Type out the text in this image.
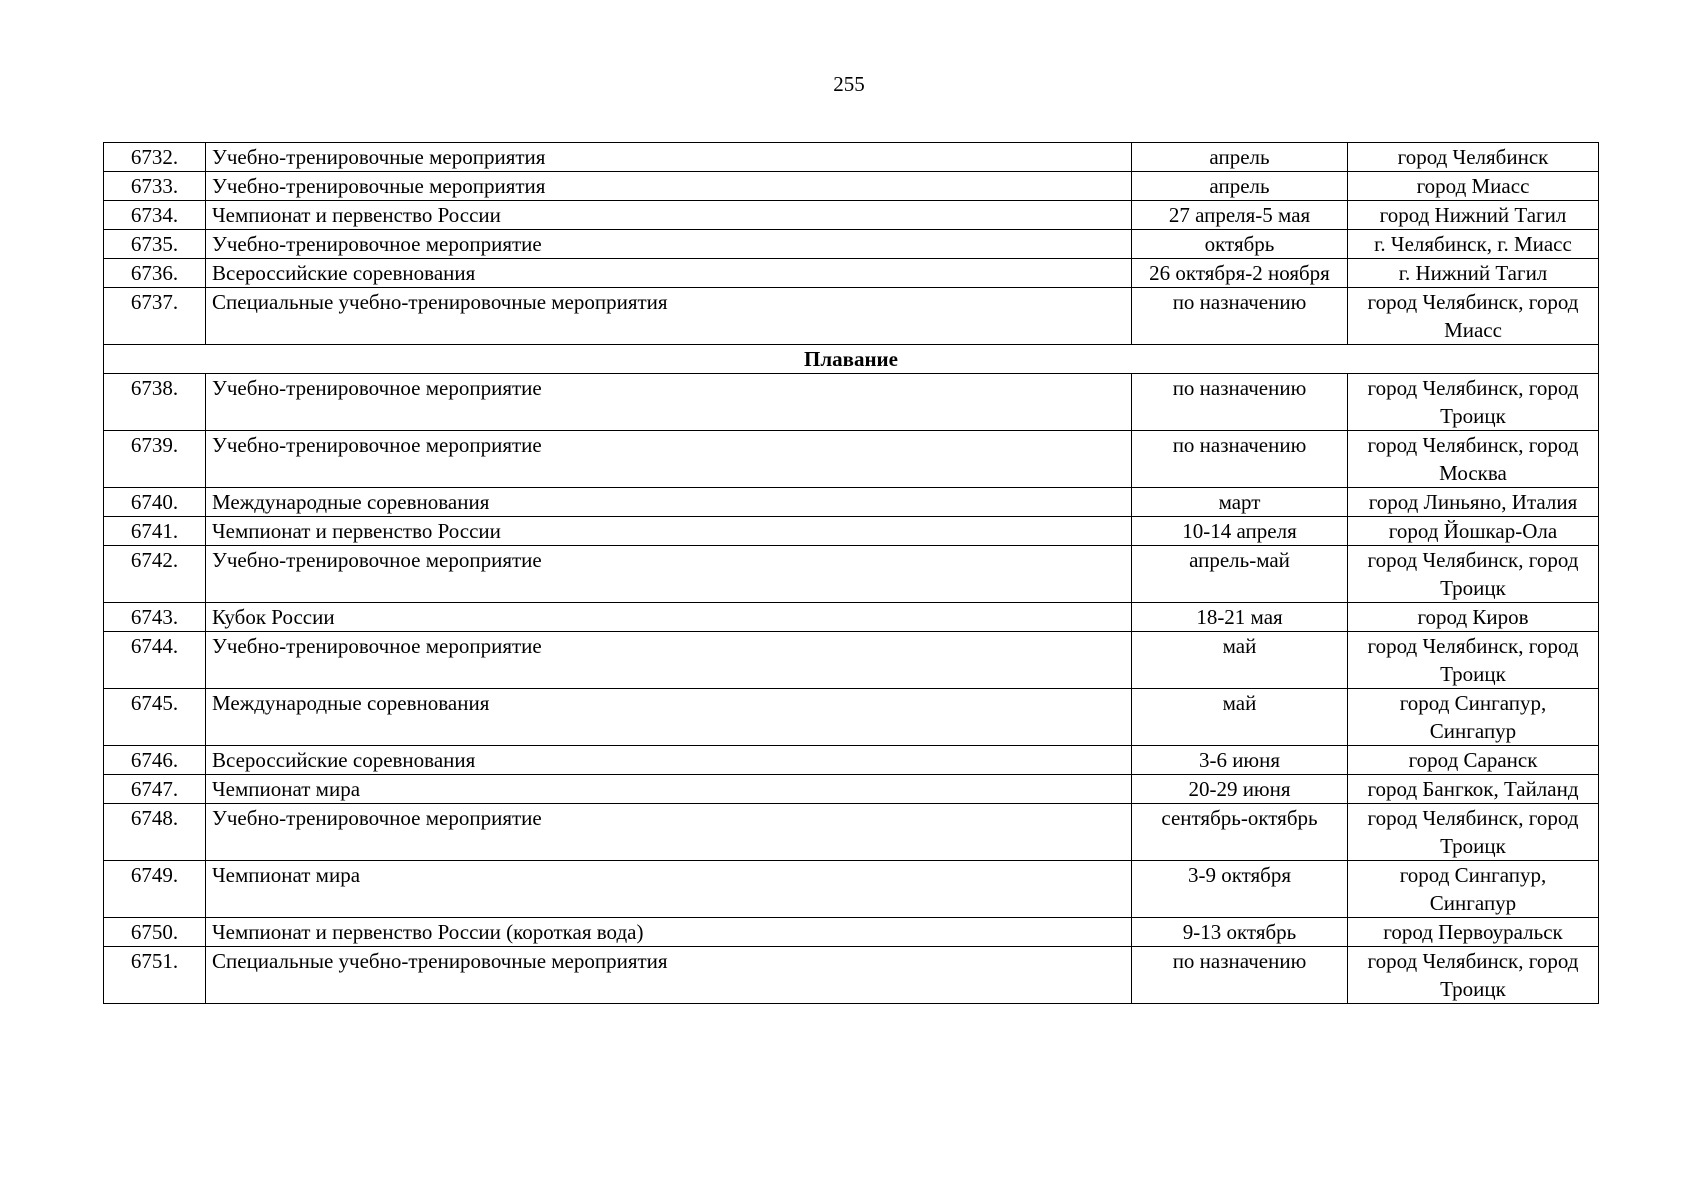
255
6732.	Учебно-тренировочные мероприятия	апрель	город Челябинск
6733.	Учебно-тренировочные мероприятия	апрель	город Миасс
6734.	Чемпионат и первенство России	27 апреля-5 мая	город Нижний Тагил
6735.	Учебно-тренировочное мероприятие	октябрь	г. Челябинск, г. Миасс
6736.	Всероссийские соревнования	26 октября-2 ноября	г. Нижний Тагил
6737.	Специальные учебно-тренировочные мероприятия	по назначению	город Челябинск, город Миасс
Плавание			
6738.	Учебно-тренировочное мероприятие	по назначению	город Челябинск, город Троицк
6739.	Учебно-тренировочное мероприятие	по назначению	город Челябинск, город Москва
6740.	Международные соревнования	март	город Линьяно, Италия
6741.	Чемпионат и первенство России	10-14 апреля	город Йошкар-Ола
6742.	Учебно-тренировочное мероприятие	апрель-май	город Челябинск, город Троицк
6743.	Кубок России	18-21 мая	город Киров
6744.	Учебно-тренировочное мероприятие	май	город Челябинск, город Троицк
6745.	Международные соревнования	май	город Сингапур, Сингапур
6746.	Всероссийские соревнования	3-6 июня	город Саранск
6747.	Чемпионат мира	20-29 июня	город Бангкок, Тайланд
6748.	Учебно-тренировочное мероприятие	сентябрь-октябрь	город Челябинск, город Троицк
6749.	Чемпионат мира	3-9 октября	город Сингапур, Сингапур
6750.	Чемпионат и первенство России (короткая вода)	9-13 октябрь	город Первоуральск
6751.	Специальные учебно-тренировочные мероприятия	по назначению	город Челябинск, город Троицк
